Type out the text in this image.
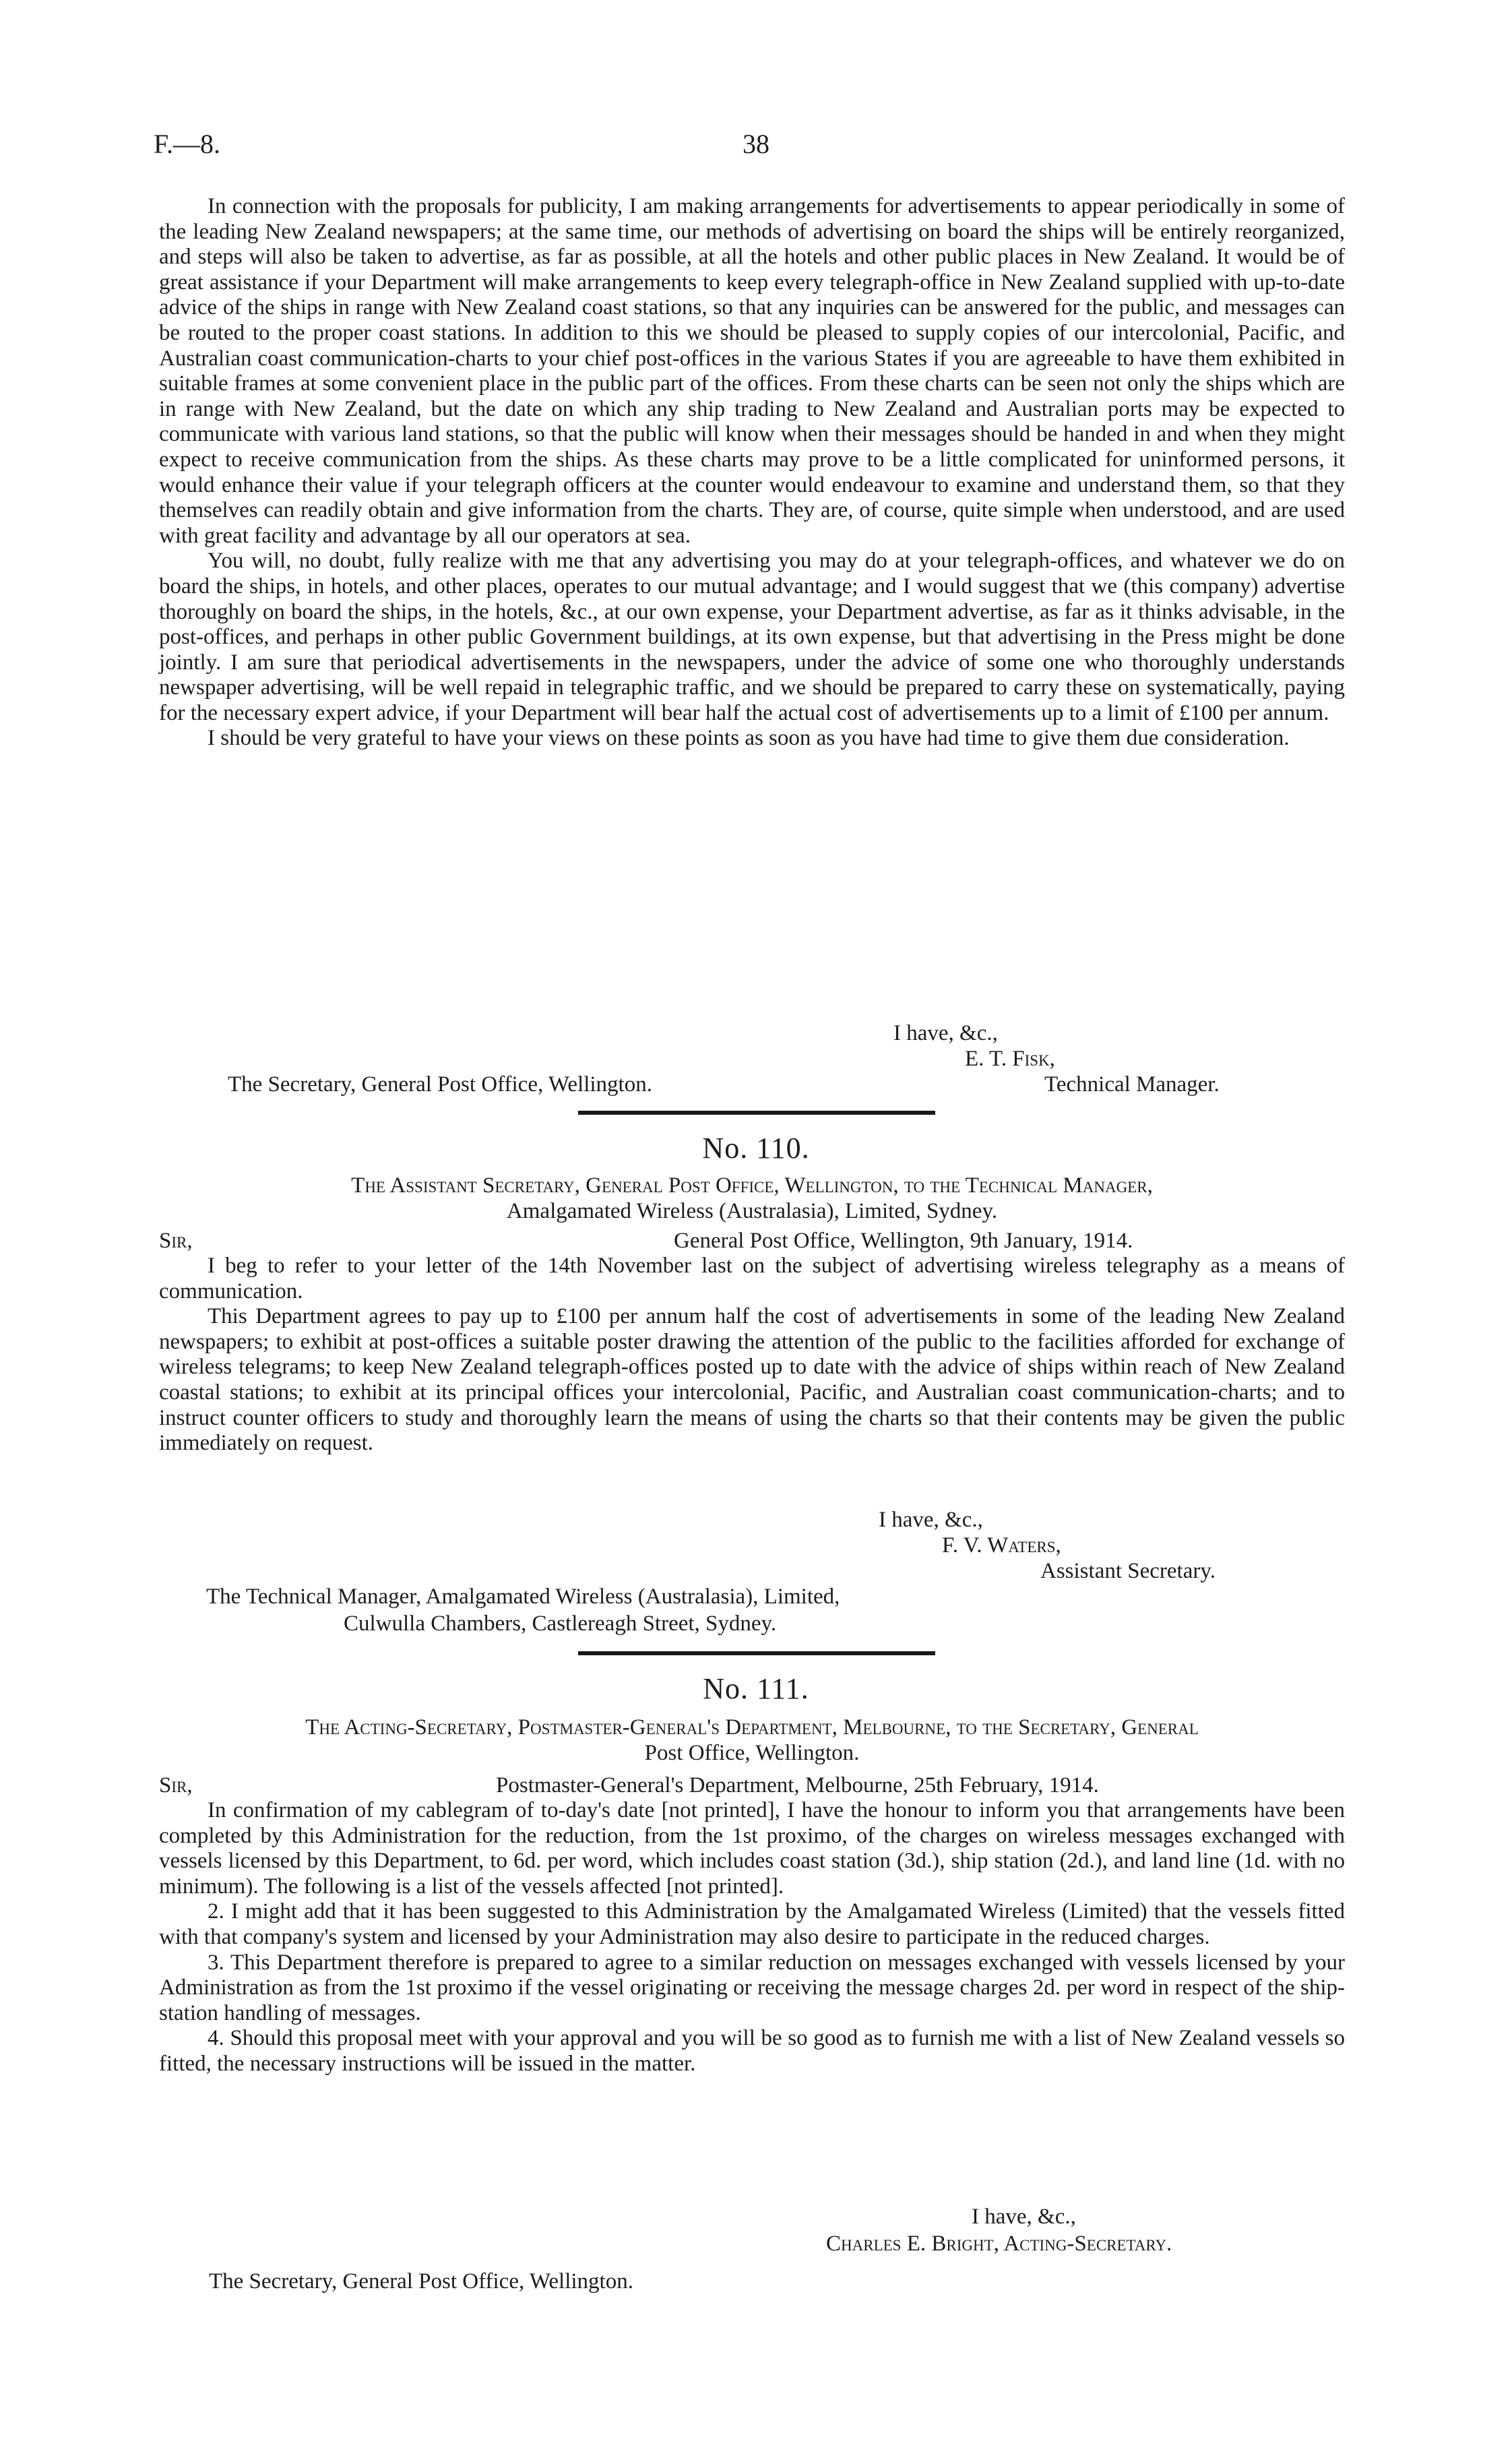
F.—8.	38

In connection with the proposals for publicity, I am making arrangements for advertisements to appear periodically in some of the leading New Zealand newspapers; at the same time, our methods of advertising on board the ships will be entirely reorganized, and steps will also be taken to advertise, as far as possible, at all the hotels and other public places in New Zealand. It would be of great assistance if your Department will make arrangements to keep every telegraph-office in New Zealand supplied with up-to-date advice of the ships in range with New Zealand coast stations, so that any inquiries can be answered for the public, and messages can be routed to the proper coast stations. In addition to this we should be pleased to supply copies of our intercolonial, Pacific, and Australian coast communication-charts to your chief post-offices in the various States if you are agreeable to have them exhibited in suitable frames at some convenient place in the public part of the offices. From these charts can be seen not only the ships which are in range with New Zealand, but the date on which any ship trading to New Zealand and Australian ports may be expected to communicate with various land stations, so that the public will know when their messages should be handed in and when they might expect to receive communication from the ships. As these charts may prove to be a little complicated for uninformed persons, it would enhance their value if your telegraph officers at the counter would endeavour to examine and understand them, so that they themselves can readily obtain and give information from the charts. They are, of course, quite simple when understood, and are used with great facility and advantage by all our operators at sea.

You will, no doubt, fully realize with me that any advertising you may do at your telegraph-offices, and whatever we do on board the ships, in hotels, and other places, operates to our mutual advantage; and I would suggest that we (this company) advertise thoroughly on board the ships, in the hotels, &c., at our own expense, your Department advertise, as far as it thinks advisable, in the post-offices, and perhaps in other public Government buildings, at its own expense, but that advertising in the Press might be done jointly. I am sure that periodical advertisements in the newspapers, under the advice of some one who thoroughly understands newspaper advertising, will be well repaid in telegraphic traffic, and we should be prepared to carry these on systematically, paying for the necessary expert advice, if your Department will bear half the actual cost of advertisements up to a limit of £100 per annum.

I should be very grateful to have your views on these points as soon as you have had time to give them due consideration.

I have, &c.,
E. T. Fisk,
Technical Manager.
The Secretary, General Post Office, Wellington.
No. 110.
The Assistant Secretary, General Post Office, Wellington, to the Technical Manager,
Amalgamated Wireless (Australasia), Limited, Sydney.
Sir,	General Post Office, Wellington, 9th January, 1914.

I beg to refer to your letter of the 14th November last on the subject of advertising wireless telegraphy as a means of communication.

This Department agrees to pay up to £100 per annum half the cost of advertisements in some of the leading New Zealand newspapers; to exhibit at post-offices a suitable poster drawing the attention of the public to the facilities afforded for exchange of wireless telegrams; to keep New Zealand telegraph-offices posted up to date with the advice of ships within reach of New Zealand coastal stations; to exhibit at its principal offices your intercolonial, Pacific, and Australian coast communication-charts; and to instruct counter officers to study and thoroughly learn the means of using the charts so that their contents may be given the public immediately on request.

I have, &c.,
F. V. Waters,
Assistant Secretary.
The Technical Manager, Amalgamated Wireless (Australasia), Limited,
Culwulla Chambers, Castlereagh Street, Sydney.
No. 111.
The Acting-Secretary, Postmaster-General's Department, Melbourne, to the Secretary, General
Post Office, Wellington.
Sir,	Postmaster-General's Department, Melbourne, 25th February, 1914.

In confirmation of my cablegram of to-day's date [not printed], I have the honour to inform you that arrangements have been completed by this Administration for the reduction, from the 1st proximo, of the charges on wireless messages exchanged with vessels licensed by this Department, to 6d. per word, which includes coast station (3d.), ship station (2d.), and land line (1d. with no minimum). The following is a list of the vessels affected [not printed].

2. I might add that it has been suggested to this Administration by the Amalgamated Wireless (Limited) that the vessels fitted with that company's system and licensed by your Administration may also desire to participate in the reduced charges.

3. This Department therefore is prepared to agree to a similar reduction on messages exchanged with vessels licensed by your Administration as from the 1st proximo if the vessel originating or receiving the message charges 2d. per word in respect of the ship-station handling of messages.

4. Should this proposal meet with your approval and you will be so good as to furnish me with a list of New Zealand vessels so fitted, the necessary instructions will be issued in the matter.

I have, &c.,
Charles E. Bright, Acting-Secretary.
The Secretary, General Post Office, Wellington.
